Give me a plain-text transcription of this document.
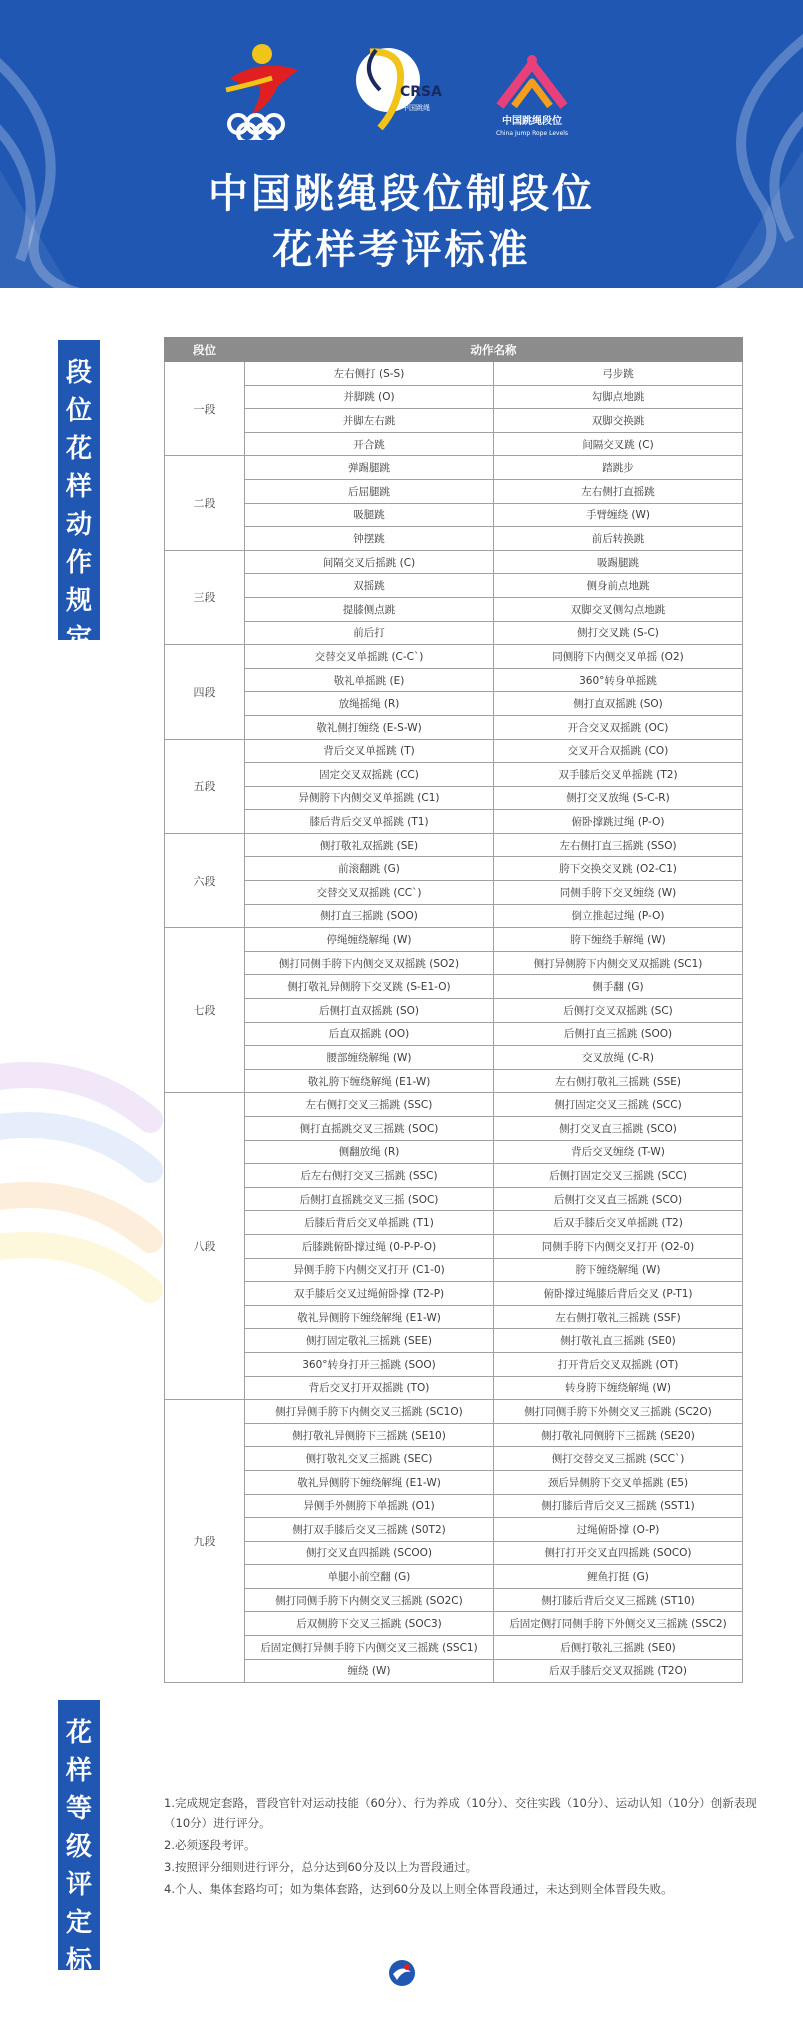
CRSA
中国跳绳
中国跳绳段位
China Jump Rope Levels
中国跳绳段位制段位
花样考评标准
段
位
花
样
动
作
规
定
花
样
等
级
评
定
标
准
段位	动作名称	
一段	左右侧打 (S-S)	弓步跳
	并脚跳 (O)	勾脚点地跳
	并脚左右跳	双脚交换跳
	开合跳	间隔交叉跳 (C)
二段	弹踢腿跳	踏跳步
	后屈腿跳	左右侧打直摇跳
	吸腿跳	手臂缠绕 (W)
	钟摆跳	前后转换跳
三段	间隔交叉后摇跳 (C)	吸踢腿跳
	双摇跳	侧身前点地跳
	提膝侧点跳	双脚交叉侧勾点地跳
	前后打	侧打交叉跳 (S-C)
四段	交替交叉单摇跳 (C-C`)	同侧胯下内侧交叉单摇 (O2)
	敬礼单摇跳 (E)	360°转身单摇跳
	放绳摇绳 (R)	侧打直双摇跳 (SO)
	敬礼侧打缠绕 (E-S-W)	开合交叉双摇跳 (OC)
五段	背后交叉单摇跳 (T)	交叉开合双摇跳 (CO)
	固定交叉双摇跳 (CC)	双手膝后交叉单摇跳 (T2)
	异侧胯下内侧交叉单摇跳 (C1)	侧打交叉放绳 (S-C-R)
	膝后背后交叉单摇跳 (T1)	俯卧撑跳过绳 (P-O)
六段	侧打敬礼双摇跳 (SE)	左右侧打直三摇跳 (SSO)
	前滚翻跳 (G)	胯下交换交叉跳 (O2-C1)
	交替交叉双摇跳 (CC`)	同侧手胯下交叉缠绕 (W)
	侧打直三摇跳 (SOO)	倒立推起过绳 (P-O)
七段	停绳缠绕解绳 (W)	胯下缠绕手解绳 (W)
	侧打同侧手胯下内侧交叉双摇跳 (SO2)	侧打异侧胯下内侧交叉双摇跳 (SC1)
	侧打敬礼异侧胯下交叉跳 (S-E1-O)	侧手翻 (G)
	后侧打直双摇跳 (SO)	后侧打交叉双摇跳 (SC)
	后直双摇跳 (OO)	后侧打直三摇跳 (SOO)
	腰部缠绕解绳 (W)	交叉放绳 (C-R)
	敬礼胯下缠绕解绳 (E1-W)	左右侧打敬礼三摇跳 (SSE)
八段	左右侧打交叉三摇跳 (SSC)	侧打固定交叉三摇跳 (SCC)
	侧打直摇跳交叉三摇跳 (SOC)	侧打交叉直三摇跳 (SCO)
	侧翻放绳 (R)	背后交叉缠绕 (T-W)
	后左右侧打交叉三摇跳 (SSC)	后侧打固定交叉三摇跳 (SCC)
	后侧打直摇跳交叉三摇 (SOC)	后侧打交叉直三摇跳 (SCO)
	后膝后背后交叉单摇跳 (T1)	后双手膝后交叉单摇跳 (T2)
	后膝跳俯卧撑过绳 (0-P-P-O)	同侧手胯下内侧交叉打开 (O2-0)
	异侧手胯下内侧交叉打开 (C1-0)	胯下缠绕解绳 (W)
	双手膝后交叉过绳俯卧撑 (T2-P)	俯卧撑过绳膝后背后交叉 (P-T1)
	敬礼异侧胯下缠绕解绳 (E1-W)	左右侧打敬礼三摇跳 (SSF)
	侧打固定敬礼三摇跳 (SEE)	侧打敬礼直三摇跳 (SE0)
	360°转身打开三摇跳 (SOO)	打开背后交叉双摇跳 (OT)
	背后交叉打开双摇跳 (TO)	转身胯下缠绕解绳 (W)
九段	侧打异侧手胯下内侧交叉三摇跳 (SC1O)	侧打同侧手胯下外侧交叉三摇跳 (SC2O)
	侧打敬礼异侧胯下三摇跳 (SE10)	侧打敬礼同侧胯下三摇跳 (SE20)
	侧打敬礼交叉三摇跳 (SEC)	侧打交替交叉三摇跳 (SCC`)
	敬礼异侧胯下缠绕解绳 (E1-W)	颈后异侧胯下交叉单摇跳 (E5)
	异侧手外侧胯下单摇跳 (O1)	侧打膝后背后交叉三摇跳 (SST1)
	侧打双手膝后交叉三摇跳 (S0T2)	过绳俯卧撑 (O-P)
	侧打交叉直四摇跳 (SCOO)	侧打打开交叉直四摇跳 (SOCO)
	单腿小前空翻 (G)	鲤鱼打挺 (G)
	侧打同侧手胯下内侧交叉三摇跳 (SO2C)	侧打膝后背后交叉三摇跳 (ST10)
	后双侧胯下交叉三摇跳 (SOC3)	后固定侧打同侧手胯下外侧交叉三摇跳 (SSC2)
	后固定侧打异侧手胯下内侧交叉三摇跳 (SSC1)	后侧打敬礼三摇跳 (SE0)
	缠绕 (W)	后双手膝后交叉双摇跳 (T2O)

1.完成规定套路，晋段官针对运动技能（60分）、行为养成（10分）、交往实践（10分）、运动认知（10分）创新表现（10分）进行评分。

2.必须逐段考评。

3.按照评分细则进行评分，总分达到60分及以上为晋段通过。

4.个人、集体套路均可；如为集体套路，达到60分及以上则全体晋段通过，未达到则全体晋段失败。
